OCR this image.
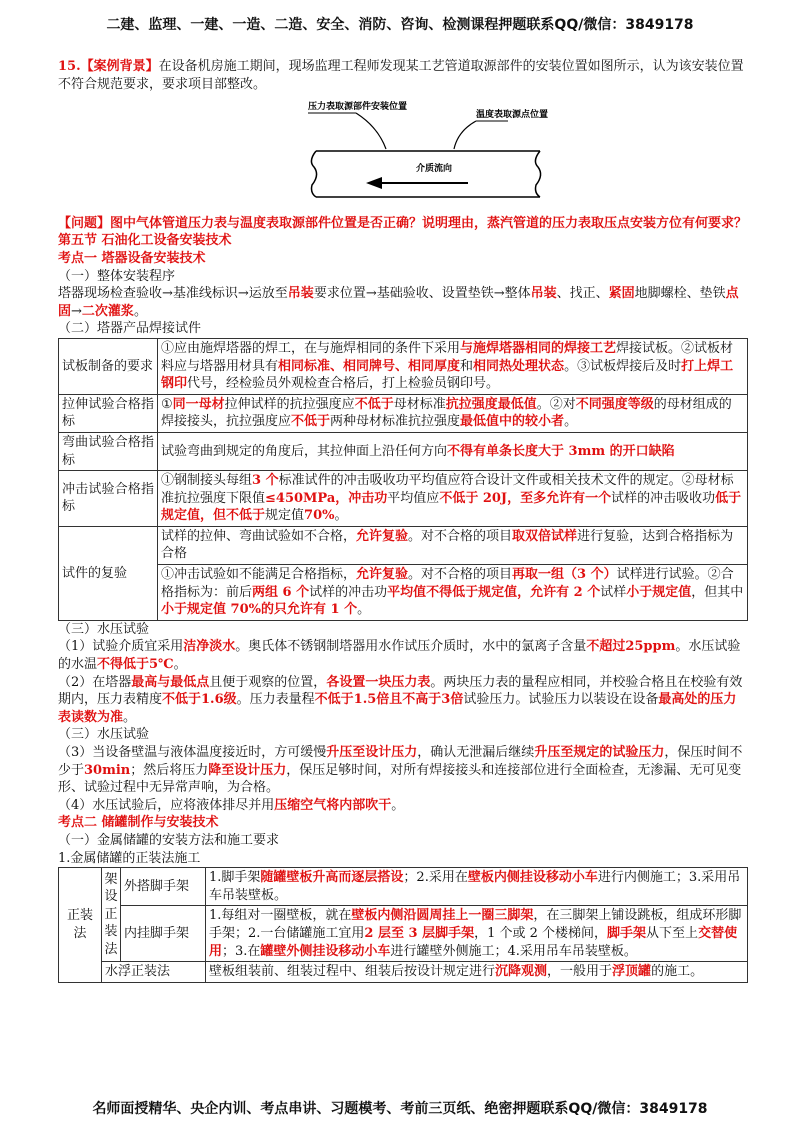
二建、监理、一建、一造、二造、安全、消防、咨询、检测课程押题联系QQ/微信：3849178

15.【案例背景】在设备机房施工期间，现场监理工程师发现某工艺管道取源部件的安装位置如图所示，认为该安装位置不符合规范要求，要求项目部整改。

压力表取源部件安装位置
温度表取源点位置
介质流向

【问题】图中气体管道压力表与温度表取源部件位置是否正确？说明理由，蒸汽管道的压力表取压点安装方位有何要求？

第五节 石油化工设备安装技术

考点一 塔器设备安装技术

（一）整体安装程序

塔器现场检查验收→基准线标识→运放至吊装要求位置→基础验收、设置垫铁→整体吊装、找正、紧固地脚螺栓、垫铁点固→二次灌浆。

（二）塔器产品焊接试件

试板制备的要求	①应由施焊塔器的焊工，在与施焊相同的条件下采用与施焊塔器相同的焊接工艺焊接试板。②试板材料应与塔器用材具有相同标准、相同牌号、相同厚度和相同热处理状态。③试板焊接后及时打上焊工钢印代号，经检验员外观检查合格后，打上检验员钢印号。
拉伸试验合格指标	①同一母材拉伸试样的抗拉强度应不低于母材标准抗拉强度最低值。②对不同强度等级的母材组成的焊接接头，抗拉强度应不低于两种母材标准抗拉强度最低值中的较小者。
弯曲试验合格指标	试验弯曲到规定的角度后，其拉伸面上沿任何方向不得有单条长度大于 3mm 的开口缺陷
冲击试验合格指标	①钢制接头每组3 个标准试件的冲击吸收功平均值应符合设计文件或相关技术文件的规定。②母材标准抗拉强度下限值≤450MPa，冲击功平均值应不低于 20J，至多允许有一个试样的冲击吸收功低于规定值，但不低于规定值70%。
试件的复验	试样的拉伸、弯曲试验如不合格，允许复验。对不合格的项目取双倍试样进行复验，达到合格指标为合格
	①冲击试验如不能满足合格指标，允许复验。对不合格的项目再取一组（3 个）试样进行试验。②合格指标为：前后两组 6 个试样的冲击功平均值不得低于规定值，允许有 2 个试样小于规定值，但其中小于规定值 70%的只允许有 1 个。

（三）水压试验

（1）试验介质宜采用洁净淡水。奥氏体不锈钢制塔器用水作试压介质时，水中的氯离子含量不超过25ppm。水压试验的水温不得低于5℃。

（2）在塔器最高与最低点且便于观察的位置，各设置一块压力表。两块压力表的量程应相同，并校验合格且在校验有效期内，压力表精度不低于1.6级。压力表量程不低于1.5倍且不高于3倍试验压力。试验压力以装设在设备最高处的压力表读数为准。

（三）水压试验

（3）当设备壁温与液体温度接近时，方可缓慢升压至设计压力，确认无泄漏后继续升压至规定的试验压力，保压时间不少于30min；然后将压力降至设计压力，保压足够时间，对所有焊接接头和连接部位进行全面检查，无渗漏、无可见变形、试验过程中无异常声响，为合格。

（4）水压试验后，应将液体排尽并用压缩空气将内部吹干。

考点二 储罐制作与安装技术

（一）金属储罐的安装方法和施工要求

1.金属储罐的正装法施工

正装法	架设正装法	外搭脚手架	1.脚手架随罐壁板升高而逐层搭设；2.采用在壁板内侧挂设移动小车进行内侧施工；3.采用吊车吊装壁板。
		内挂脚手架	1.每组对一圈壁板，就在壁板内侧沿圆周挂上一圈三脚架，在三脚架上铺设跳板，组成环形脚手架；2.一台储罐施工宜用2 层至 3 层脚手架，1 个或 2 个楼梯间，脚手架从下至上交替使用；3.在罐壁外侧挂设移动小车进行罐壁外侧施工；4.采用吊车吊装壁板。
	水浮正装法		壁板组装前、组装过程中、组装后按设计规定进行沉降观测，一般用于浮顶罐的施工。
名师面授精华、央企内训、考点串讲、习题模考、考前三页纸、绝密押题联系QQ/微信：3849178
